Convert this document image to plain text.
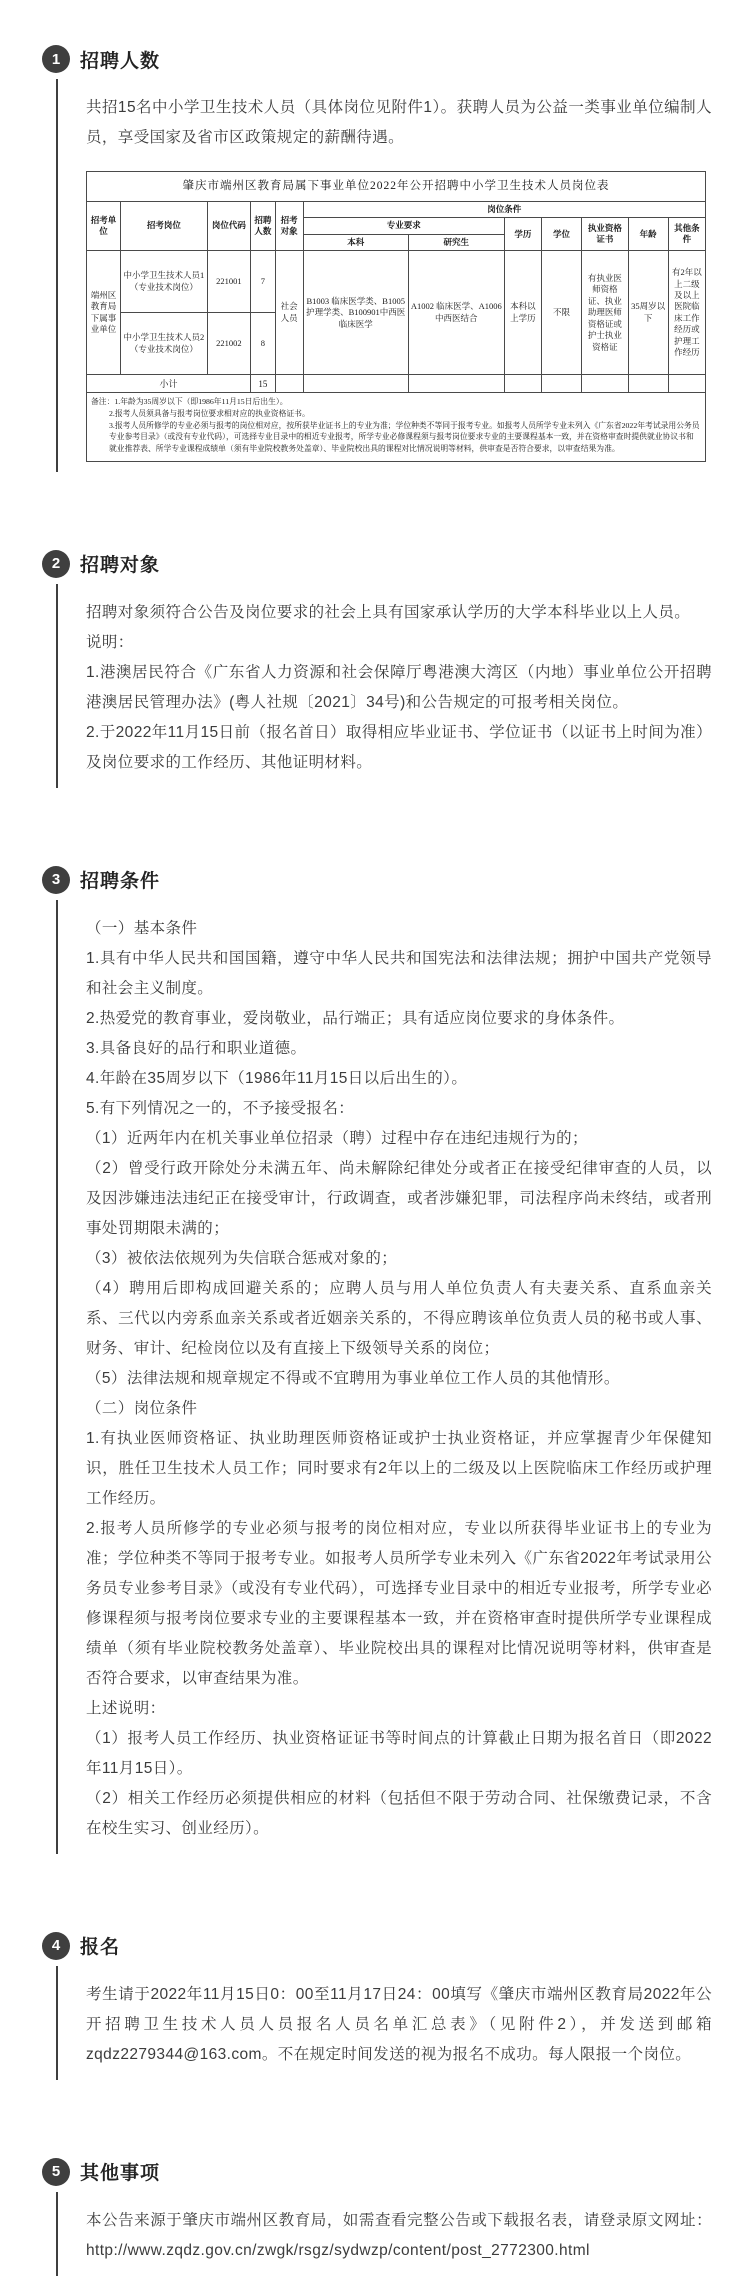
1	招聘人数

共招15名中小学卫生技术人员（具体岗位见附件1）。获聘人员为公益一类事业单位编制人员，享受国家及省市区政策规定的薪酬待遇。

肇庆市端州区教育局属下事业单位2022年公开招聘中小学卫生技术人员岗位表											
招考单位	招考岗位	岗位代码	招聘人数	招考对象	岗位条件						
					专业要求		学历	学位	执业资格证书	年龄	其他条件
					本科	研究生					
端州区教育局下属事业单位	中小学卫生技术人员1（专业技术岗位）	221001	7	社会人员	B1003 临床医学类、B1005 护理学类、B100901中西医临床医学	A1002 临床医学、A1006 中西医结合	本科以上学历	不限	有执业医师资格证、执业助理医师资格证或护士执业资格证	35周岁以下	有2年以上二级及以上医院临床工作经历或护理工作经历
	中小学卫生技术人员2（专业技术岗位）	221002	8								
小计			15								

备注：1.年龄为35周岁以下（即1986年11月15日后出生）。
2.报考人员须具备与报考岗位要求相对应的执业资格证书。
3.报考人员所修学的专业必须与报考的岗位相对应，按所获毕业证书上的专业为准；学位种类不等同于报考专业。如报考人员所学专业未列入《广东省2022年考试录用公务员专业参考目录》（或没有专业代码），可选择专业目录中的相近专业报考，所学专业必修课程须与报考岗位要求专业的主要课程基本一致，并在资格审查时提供就业协议书和就业推荐表、所学专业课程成绩单（须有毕业院校教务处盖章）、毕业院校出具的课程对比情况说明等材料，供审查是否符合要求，以审查结果为准。											
2	招聘对象

招聘对象须符合公告及岗位要求的社会上具有国家承认学历的大学本科毕业以上人员。

说明：

1.港澳居民符合《广东省人力资源和社会保障厅粤港澳大湾区（内地）事业单位公开招聘港澳居民管理办法》(粤人社规〔2021〕34号)和公告规定的可报考相关岗位。

2.于2022年11月15日前（报名首日）取得相应毕业证书、学位证书（以证书上时间为准）及岗位要求的工作经历、其他证明材料。

3	招聘条件

（一）基本条件

1.具有中华人民共和国国籍，遵守中华人民共和国宪法和法律法规；拥护中国共产党领导和社会主义制度。

2.热爱党的教育事业，爱岗敬业，品行端正；具有适应岗位要求的身体条件。

3.具备良好的品行和职业道德。

4.年龄在35周岁以下（1986年11月15日以后出生的）。

5.有下列情况之一的，不予接受报名：

（1）近两年内在机关事业单位招录（聘）过程中存在违纪违规行为的；

（2）曾受行政开除处分未满五年、尚未解除纪律处分或者正在接受纪律审查的人员，以及因涉嫌违法违纪正在接受审计，行政调查，或者涉嫌犯罪，司法程序尚未终结，或者刑事处罚期限未满的；

（3）被依法依规列为失信联合惩戒对象的；

（4）聘用后即构成回避关系的；应聘人员与用人单位负责人有夫妻关系、直系血亲关系、三代以内旁系血亲关系或者近姻亲关系的，不得应聘该单位负责人员的秘书或人事、财务、审计、纪检岗位以及有直接上下级领导关系的岗位；

（5）法律法规和规章规定不得或不宜聘用为事业单位工作人员的其他情形。

（二）岗位条件

1.有执业医师资格证、执业助理医师资格证或护士执业资格证，并应掌握青少年保健知识，胜任卫生技术人员工作；同时要求有2年以上的二级及以上医院临床工作经历或护理工作经历。

2.报考人员所修学的专业必须与报考的岗位相对应，专业以所获得毕业证书上的专业为准；学位种类不等同于报考专业。如报考人员所学专业未列入《广东省2022年考试录用公务员专业参考目录》（或没有专业代码），可选择专业目录中的相近专业报考，所学专业必修课程须与报考岗位要求专业的主要课程基本一致，并在资格审查时提供所学专业课程成绩单（须有毕业院校教务处盖章）、毕业院校出具的课程对比情况说明等材料，供审查是否符合要求，以审查结果为准。

上述说明：

（1）报考人员工作经历、执业资格证证书等时间点的计算截止日期为报名首日（即2022年11月15日）。

（2）相关工作经历必须提供相应的材料（包括但不限于劳动合同、社保缴费记录，不含在校生实习、创业经历）。

4	报名

考生请于2022年11月15日0：00至11月17日24：00填写《肇庆市端州区教育局2022年公开招聘卫生技术人员人员报名人员名单汇总表》（见附件2），并发送到邮箱zqdz2279344@163.com。不在规定时间发送的视为报名不成功。每人限报一个岗位。

5	其他事项

本公告来源于肇庆市端州区教育局，如需查看完整公告或下载报名表，请登录原文网址：http://www.zqdz.gov.cn/zwgk/rsgz/sydwzp/content/post_2772300.html
